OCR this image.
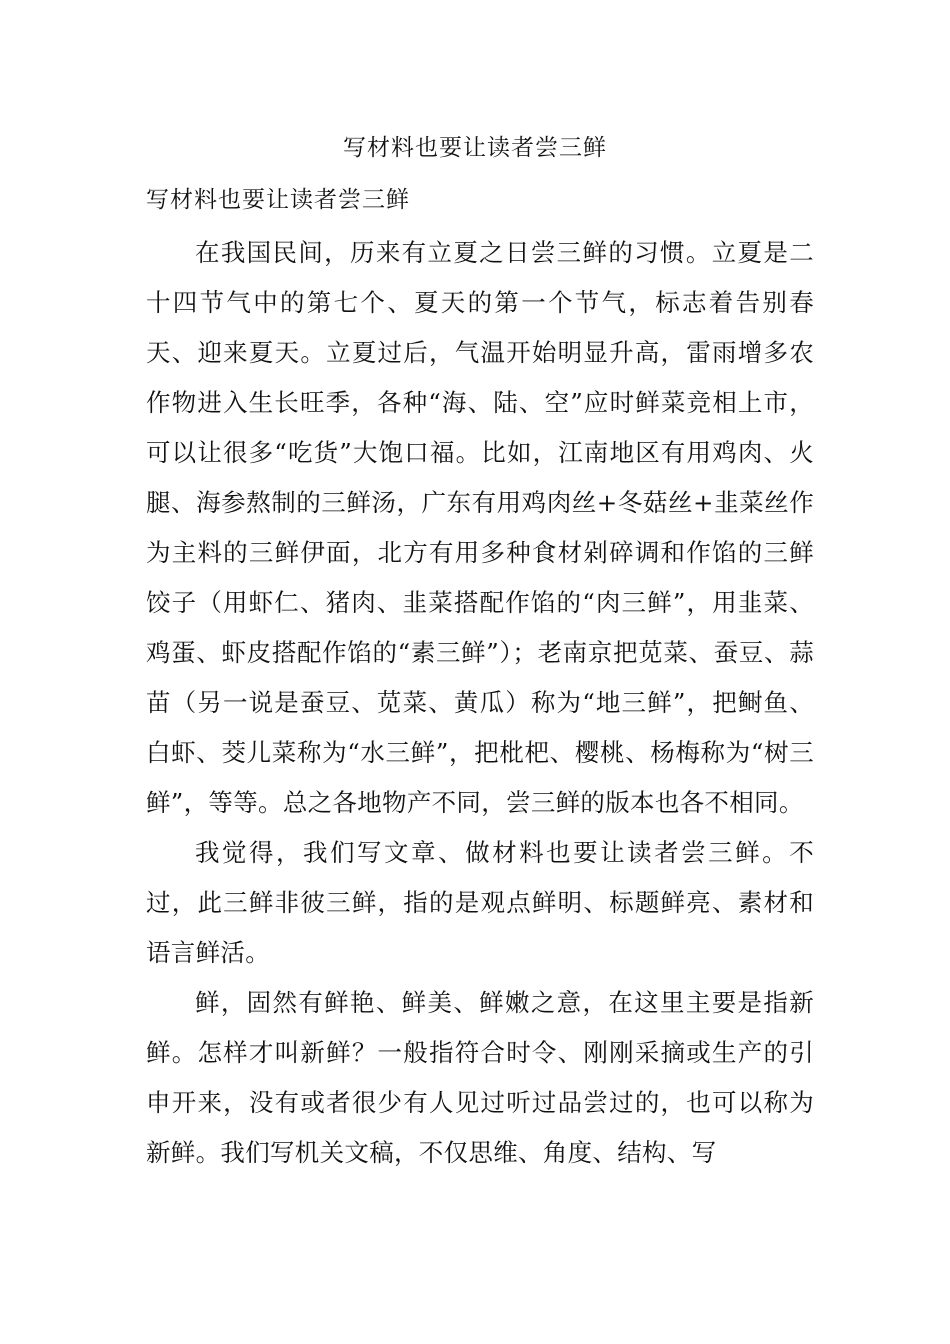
写材料也要让读者尝三鲜

写材料也要让读者尝三鲜

在我国民间，历来有立夏之日尝三鲜的习惯。立夏是二十四节气中的第七个、夏天的第一个节气，标志着告别春天、迎来夏天。立夏过后，气温开始明显升高，雷雨增多农作物进入生长旺季，各种“海、陆、空”应时鲜菜竞相上市，可以让很多“吃货”大饱口福。比如，江南地区有用鸡肉、火腿、海参熬制的三鲜汤，广东有用鸡肉丝+冬菇丝+韭菜丝作为主料的三鲜伊面，北方有用多种食材剁碎调和作馅的三鲜饺子（用虾仁、猪肉、韭菜搭配作馅的“肉三鲜”，用韭菜、鸡蛋、虾皮搭配作馅的“素三鲜”）；老南京把苋菜、蚕豆、蒜苗（另一说是蚕豆、苋菜、黄瓜）称为“地三鲜”，把鲥鱼、白虾、茭儿菜称为“水三鲜”，把枇杷、樱桃、杨梅称为“树三鲜”，等等。总之各地物产不同，尝三鲜的版本也各不相同。

我觉得，我们写文章、做材料也要让读者尝三鲜。不过，此三鲜非彼三鲜，指的是观点鲜明、标题鲜亮、素材和语言鲜活。

鲜，固然有鲜艳、鲜美、鲜嫩之意，在这里主要是指新鲜。怎样才叫新鲜？一般指符合时令、刚刚采摘或生产的引申开来，没有或者很少有人见过听过品尝过的，也可以称为新鲜。我们写机关文稿，不仅思维、角度、结构、写
